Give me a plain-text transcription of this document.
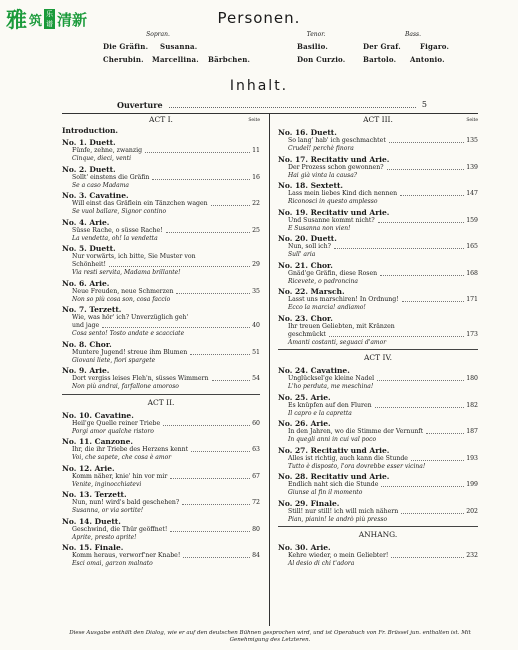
雅 筑 乐
谱 清新	Personen.
Sopran.	Tenor.	Bass.
Die Gräfin. Susanna.	Basilio.	Der Graf.	Figaro.
Cherubin. Marcellina. Bärbchen.	Don Curzio.	Bartolo. Antonio.
Inhalt.
Ouverture	5
ACT I.	Seite
Introduction.
No. 1. Duett.
Fünfe, zehne, zwanzig	11
Cinque, dieci, venti
No. 2. Duett.
Sollt' einstens die Gräfin	16
Se a caso Madama
No. 3. Cavatine.
Will einst das Gräflein ein Tänzchen wagen	22
Se vuol ballare, Signor contino
No. 4. Arie.
Süsse Rache, o süsse Rache!	25
La vendetta, oh! la vendetta
No. 5. Duett.
Nur vorwärts, ich bitte, Sie Muster von
Schönheit!	29
Via resti servita, Madama brillante!
No. 6. Arie.
Neue Freuden, neue Schmerzen	35
Non so più cosa son, cosa faccio
No. 7. Terzett.
Wie, was hör' ich? Unverzüglich geh'
und jage	40
Cosa sento! Tosto andate e scacciate
No. 8. Chor.
Muntere Jugend! streue ihm Blumen	51
Giovani liete, fiori spargete
No. 9. Arie.
Dort vergiss leises Fleh'n, süsses Wimmern	54
Non più andrai, farfallone amoroso
ACT II.
No. 10. Cavatine.
Heil'ge Quelle reiner Triebe	60
Porgi amor qualche ristoro
No. 11. Canzone.
Ihr, die ihr Triebe des Herzens kennt	63
Voi, che sapete, che cosa è amor
No. 12. Arie.
Komm näher, knie' hin vor mir	67
Venite, inginocchiatevi
No. 13. Terzett.
Nun, nun! wird's bald geschehen?	72
Susanna, or via sortite!
No. 14. Duett.
Geschwind, die Thür geöffnet!	80
Aprite, presto aprite!
No. 15. Finale.
Komm heraus, verworf'ner Knabe!	84
Esci omai, garzon malnato
ACT III.	Seite
No. 16. Duett.
So lang' hab' ich geschmachtet	135
Crudel! perchè finora
No. 17. Recitativ und Arie.
Der Prozess schon gewonnen?	139
Hai già vinta la causa?
No. 18. Sextett.
Lass mein liebes Kind dich nennen	147
Riconosci in questo amplesso
No. 19. Recitativ und Arie.
Und Susanne kommt nicht?	159
E Susanna non vien!
No. 20. Duett.
Nun, soll ich?	165
Sull' aria
No. 21. Chor.
Gnäd'ge Gräfin, diese Rosen	168
Ricevete, o padroncina
No. 22. Marsch.
Lasst uns marschiren! In Ordnung!	171
Ecco la marcia! andiamo!
No. 23. Chor.
Ihr treuen Geliebten, mit Kränzen
geschmückt	173
Amanti costanti, seguaci d'amor
ACT IV.
No. 24. Cavatine.
Unglücksel'ge kleine Nadel	180
L'ho perduta, me meschina!
No. 25. Arie.
Es knüpfen auf den Fluren	182
Il capro e la capretta
No. 26. Arie.
In den Jahren, wo die Stimme der Vernunft	187
In quegli anni in cui val poco
No. 27. Recitativ und Arie.
Alles ist richtig, auch kann die Stunde	193
Tutto è disposto, l'ora dovrebbe esser vicina!
No. 28. Recitativ und Arie.
Endlich naht sich die Stunde	199
Giunse al fin il momento
No. 29. Finale.
Still! nur still! ich will mich nähern	202
Pian, pianin! le andrò più presso
ANHANG.
No. 30. Arie.
Kehre wieder, o mein Geliebter!	232
Al desio di chi t'adora
Diese Ausgabe enthält den Dialog, wie er auf den deutschen Bühnen gesprochen wird, und ist Operabuch von Fr. Brüssel jun. enthalten ist. Mit Genehmigung des Letzteren.
